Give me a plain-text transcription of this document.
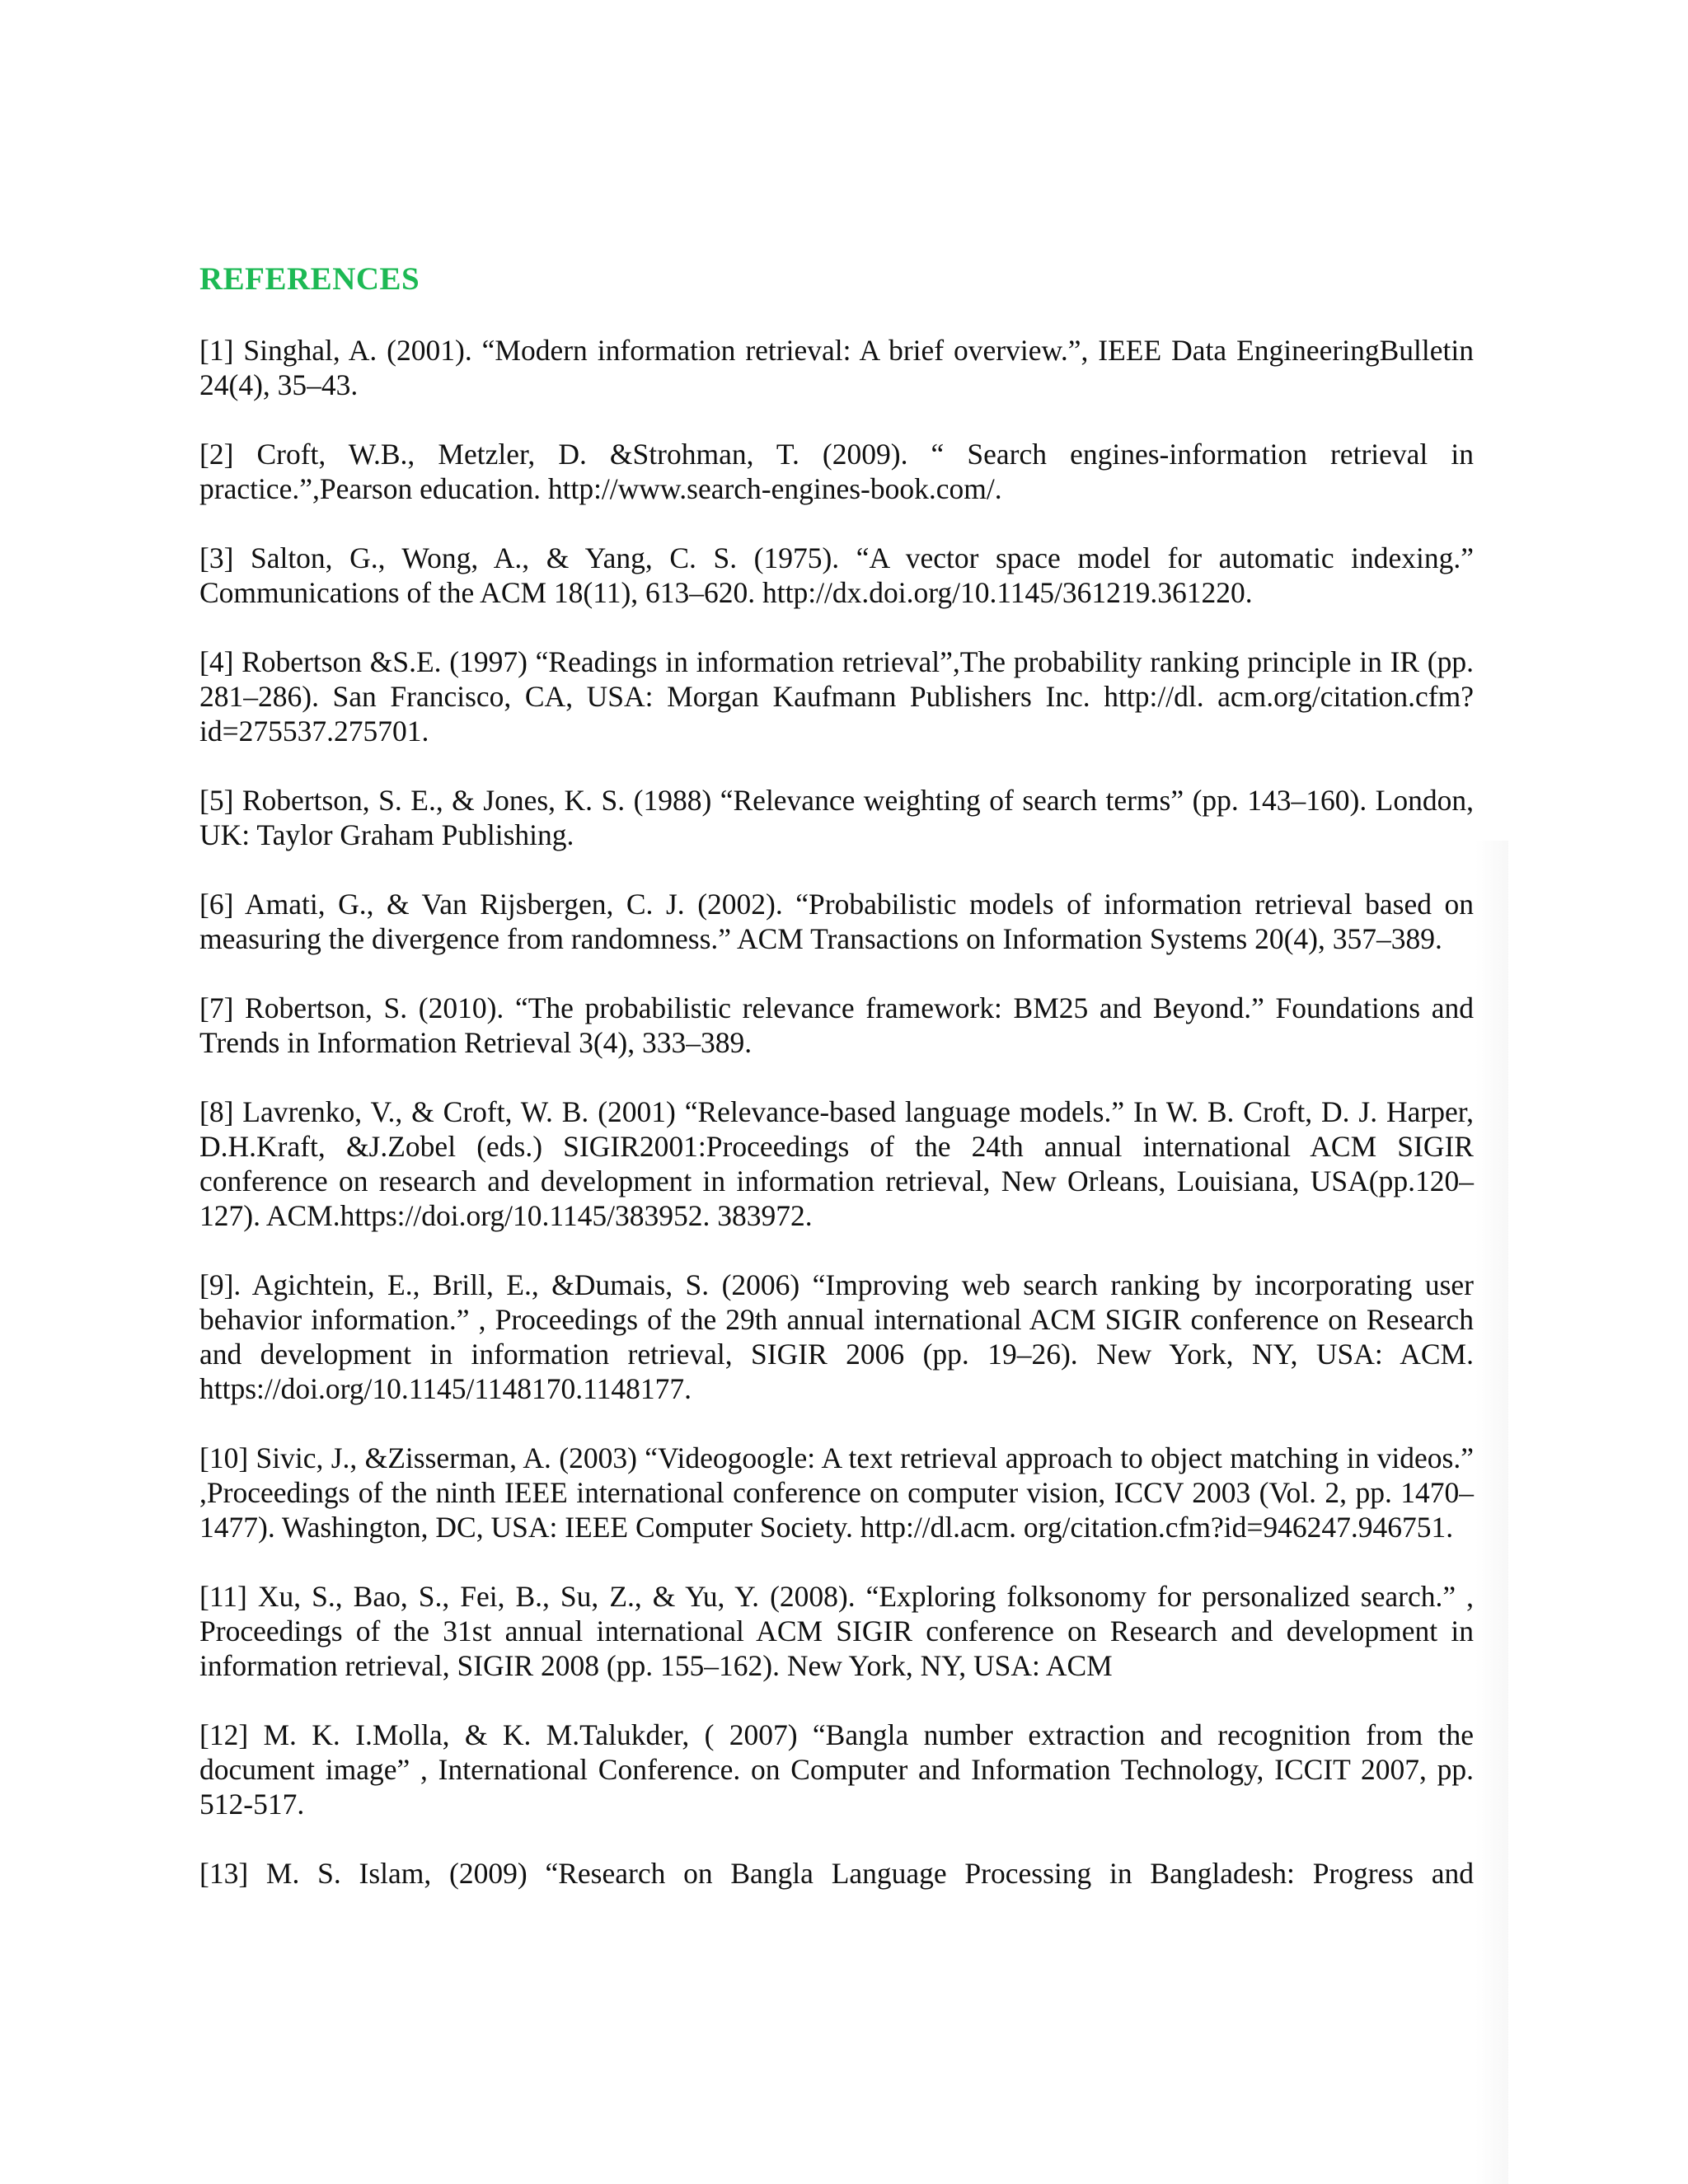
REFERENCES

[1] Singhal, A. (2001). “Modern information retrieval: A brief overview.”, IEEE Data EngineeringBulletin 24(4), 35–43.

[2] Croft, W.B., Metzler, D. &Strohman, T. (2009). “ Search engines-information retrieval in practice.”,Pearson education. http://www.search-engines-book.com/.

[3] Salton, G., Wong, A., & Yang, C. S. (1975). “A vector space model for automatic indexing.” Communications of the ACM 18(11), 613–620. http://dx.doi.org/10.1145/361219.361220.

[4] Robertson &S.E. (1997) “Readings in information retrieval”,The probability ranking principle in IR (pp. 281–286). San Francisco, CA, USA: Morgan Kaufmann Publishers Inc. http://dl. acm.org/citation.cfm?id=275537.275701.

[5] Robertson, S. E., & Jones, K. S. (1988) “Relevance weighting of search terms” (pp. 143–160). London, UK: Taylor Graham Publishing.

[6] Amati, G., & Van Rijsbergen, C. J. (2002). “Probabilistic models of information retrieval based on measuring the divergence from randomness.” ACM Transactions on Information Systems 20(4), 357–389.

[7] Robertson, S. (2010). “The probabilistic relevance framework: BM25 and Beyond.” Foundations and Trends in Information Retrieval 3(4), 333–389.

[8] Lavrenko, V., & Croft, W. B. (2001) “Relevance-based language models.” In W. B. Croft, D. J. Harper, D.H.Kraft, &J.Zobel (eds.) SIGIR2001:Proceedings of the 24th annual international ACM SIGIR conference on research and development in information retrieval, New Orleans, Louisiana, USA(pp.120–127). ACM.https://doi.org/10.1145/383952. 383972.

[9]. Agichtein, E., Brill, E., &Dumais, S. (2006) “Improving web search ranking by incorporating user behavior information.” , Proceedings of the 29th annual international ACM SIGIR conference on Research and development in information retrieval, SIGIR 2006 (pp. 19–26). New York, NY, USA: ACM. https://doi.org/10.1145/1148170.1148177.

[10] Sivic, J., &Zisserman, A. (2003) “Videogoogle: A text retrieval approach to object matching in videos.” ,Proceedings of the ninth IEEE international conference on computer vision, ICCV 2003 (Vol. 2, pp. 1470–1477). Washington, DC, USA: IEEE Computer Society. http://dl.acm. org/citation.cfm?id=946247.946751.

[11] Xu, S., Bao, S., Fei, B., Su, Z., & Yu, Y. (2008). “Exploring folksonomy for personalized search.” , Proceedings of the 31st annual international ACM SIGIR conference on Research and development in information retrieval, SIGIR 2008 (pp. 155–162). New York, NY, USA: ACM

[12] M. K. I.Molla, & K. M.Talukder, ( 2007) “Bangla number extraction and recognition from the document image” , International Conference. on Computer and Information Technology, ICCIT 2007, pp. 512-517.

[13] M. S. Islam, (2009) “Research on Bangla Language Processing in Bangladesh: Progress and
